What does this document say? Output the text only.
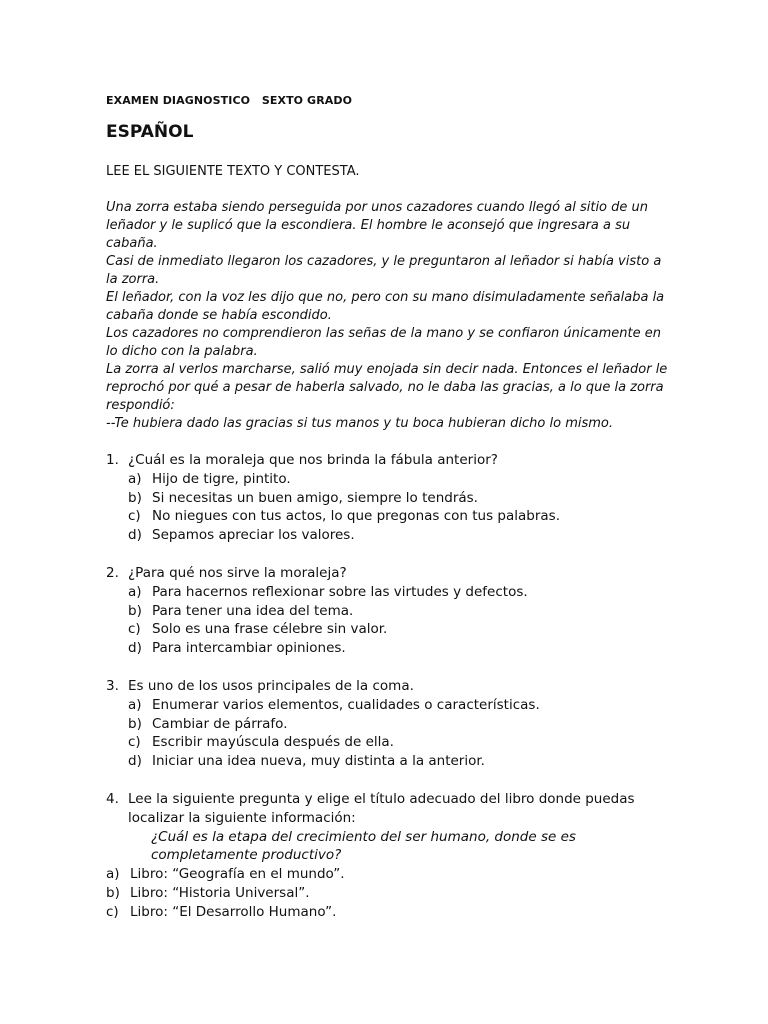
EXAMEN DIAGNOSTICO   SEXTO GRADO
ESPAÑOL
LEE EL SIGUIENTE TEXTO Y CONTESTA.
Una zorra estaba siendo perseguida por unos cazadores cuando llegó al sitio de un
leñador y le suplicó que la escondiera. El hombre le aconsejó que ingresara a su
cabaña.
Casi de inmediato llegaron los cazadores, y le preguntaron al leñador si había visto a
la zorra.
El leñador, con la voz les dijo que no, pero con su mano disimuladamente señalaba la
cabaña donde se había escondido.
Los cazadores no comprendieron las señas de la mano y se confiaron únicamente en
lo dicho con la palabra.
La zorra al verlos marcharse, salió muy enojada sin decir nada. Entonces el leñador le
reprochó por qué a pesar de haberla salvado, no le daba las gracias, a lo que la zorra
respondió:
--Te hubiera dado las gracias si tus manos y tu boca hubieran dicho lo mismo.
1. ¿Cuál es la moraleja que nos brinda la fábula anterior?
a) Hijo de tigre, pintito.
b) Si necesitas un buen amigo, siempre lo tendrás.
c) No niegues con tus actos, lo que pregonas con tus palabras.
d) Sepamos apreciar los valores.
2. ¿Para qué nos sirve la moraleja?
a) Para hacernos reflexionar sobre las virtudes y defectos.
b) Para tener una idea del tema.
c) Solo es una frase célebre sin valor.
d) Para intercambiar opiniones.
3. Es uno de los usos principales de la coma.
a) Enumerar varios elementos, cualidades o características.
b) Cambiar de párrafo.
c) Escribir mayúscula después de ella.
d) Iniciar una idea nueva, muy distinta a la anterior.
4. Lee la siguiente pregunta y elige el título adecuado del libro donde puedas
localizar la siguiente información:
¿Cuál es la etapa del crecimiento del ser humano, donde se es
completamente productivo?
a) Libro: “Geografía en el mundo”.
b) Libro: “Historia Universal”.
c) Libro: “El Desarrollo Humano”.
